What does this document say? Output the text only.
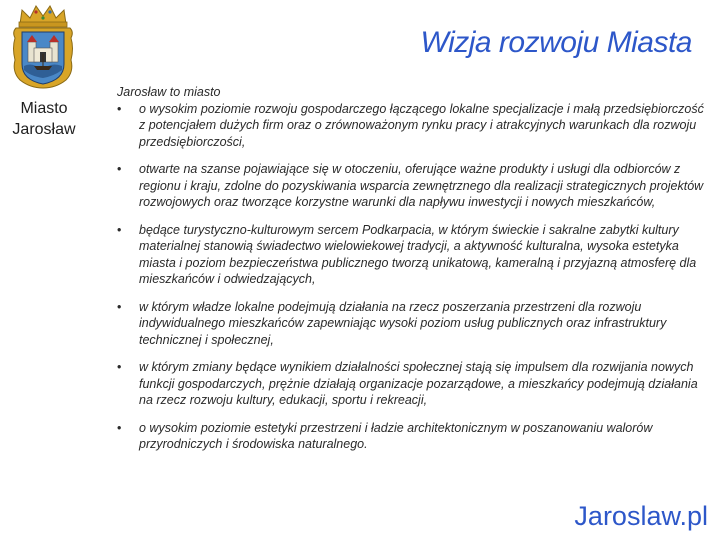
Miasto
Jarosław
Wizja rozwoju Miasta
Jarosław to miasto
• o wysokim poziomie rozwoju gospodarczego łączącego lokalne specjalizacje i małą przedsiębiorczość z potencjałem dużych firm oraz o zrównoważonym rynku pracy i atrakcyjnych warunkach dla rozwoju przedsiębiorczości,
• otwarte na szanse pojawiające się w otoczeniu, oferujące ważne produkty i usługi dla odbiorców z regionu i kraju, zdolne do pozyskiwania wsparcia zewnętrznego dla realizacji strategicznych projektów rozwojowych oraz tworzące korzystne warunki dla napływu inwestycji i nowych mieszkańców,
• będące turystyczno-kulturowym sercem Podkarpacia, w którym świeckie i sakralne zabytki kultury materialnej stanowią świadectwo wielowiekowej tradycji, a aktywność kulturalna, wysoka estetyka miasta i poziom bezpieczeństwa publicznego tworzą unikatową, kameralną i przyjazną atmosferę dla mieszkańców i odwiedzających,
• w którym władze lokalne podejmują działania na rzecz poszerzania przestrzeni dla rozwoju indywidualnego mieszkańców zapewniając wysoki poziom usług publicznych oraz infrastruktury technicznej i społecznej,
• w którym zmiany będące wynikiem działalności społecznej stają się impulsem dla rozwijania nowych funkcji gospodarczych, prężnie działają organizacje pozarządowe, a mieszkańcy podejmują działania na rzecz rozwoju kultury, edukacji, sportu i rekreacji,
• o wysokim poziomie estetyki przestrzeni i ładzie architektonicznym w poszanowaniu walorów przyrodniczych i środowiska naturalnego.
Jaroslaw.pl
